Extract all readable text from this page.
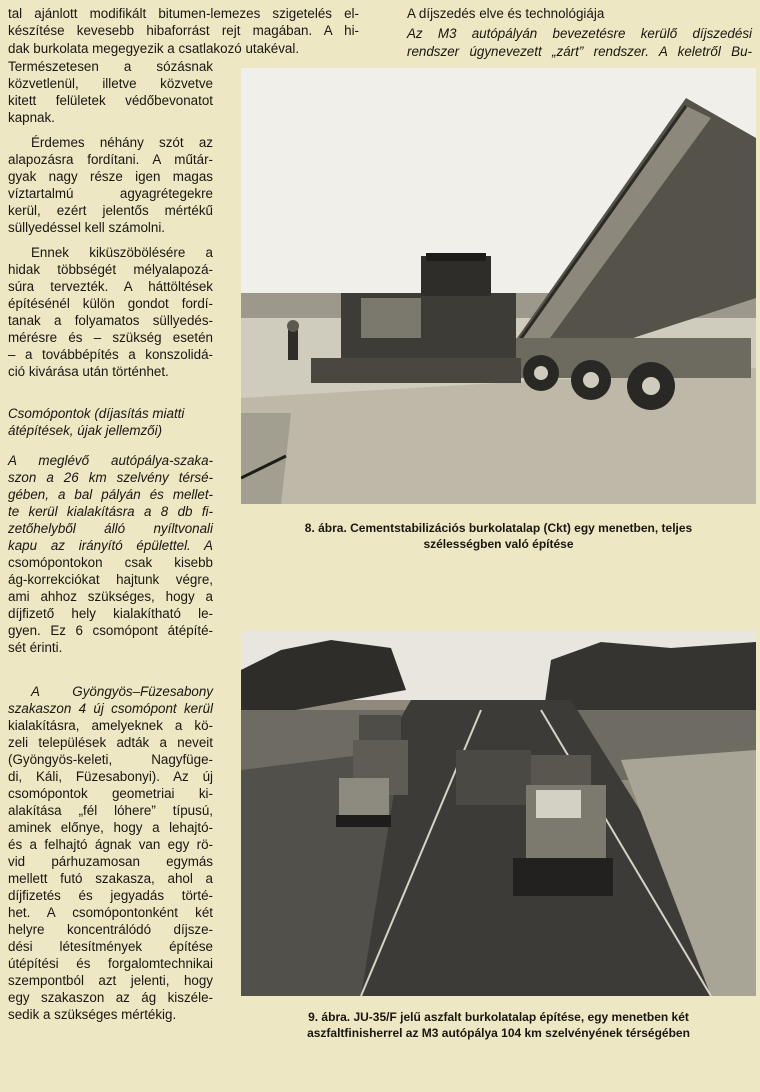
tal ajánlott modifikált bitumen-lemezes szigetelés el-
készítése kevesebb hibaforrást rejt magában. A hi-
dak burkolata megegyezik a csatlakozó utakéval.
A díjszedés elve és technológiája
Az M3 autópályán bevezetésre kerülő díjszedési
rendszer úgynevezett „zárt” rendszer. A keletről Bu-
Természetesen a sózásnak
közvetlenül, illetve közvetve
kitett felületek védőbevonatot
kapnak.
Érdemes néhány szót az
alapozásra fordítani. A műtár-
gyak nagy része igen magas
víztartalmú agyagrétegekre
kerül, ezért jelentős mértékű
süllyedéssel kell számolni.
Ennek kiküszöbölésére a
hidak többségét mélyalapozá-
súra tervezték. A háttöltések
építésénél külön gondot fordí-
tanak a folyamatos süllyedés-
mérésre és – szükség esetén
– a továbbépítés a konszolidá-
ció kivárása után történhet.
Csomópontok (díjasítás miatti
átépítések, újak jellemzői)
A meglévő autópálya-szaka-
szon a 26 km szelvény térsé-
gében, a bal pályán és mellet-
te kerül kialakításra a 8 db fi-
zetőhelyből álló nyíltvonali
kapu az irányító épülettel. A
csomópontokon csak kisebb
ág-korrekciókat hajtunk végre,
ami ahhoz szükséges, hogy a
díjfizető hely kialakítható le-
gyen. Ez 6 csomópont átépíté-
sét érinti.
A Gyöngyös–Füzesabony
szakaszon 4 új csomópont kerül
kialakításra, amelyeknek a kö-
zeli települések adták a neveit
(Gyöngyös-keleti, Nagyfüge-
di, Káli, Füzesabonyi). Az új
csomópontok geometriai ki-
alakítása „fél lóhere” típusú,
aminek előnye, hogy a lehajtó-
és a felhajtó ágnak van egy rö-
vid párhuzamosan egymás
mellett futó szakasza, ahol a
díjfizetés és jegyadás törté-
het. A csomópontonként két
helyre koncentrálódó díjsze-
dési létesítmények építése
útépítési és forgalomtechnikai
szempontból azt jelenti, hogy
egy szakaszon az ág kiszéle-
sedik a szükséges mértékig.
8. ábra. Cementstabilizációs burkolatalap (Ckt) egy menetben, teljes
szélességben való építése
9. ábra. JU-35/F jelű aszfalt burkolatalap építése, egy menetben két
aszfaltfinisherrel az M3 autópálya 104 km szelvényének térségében
